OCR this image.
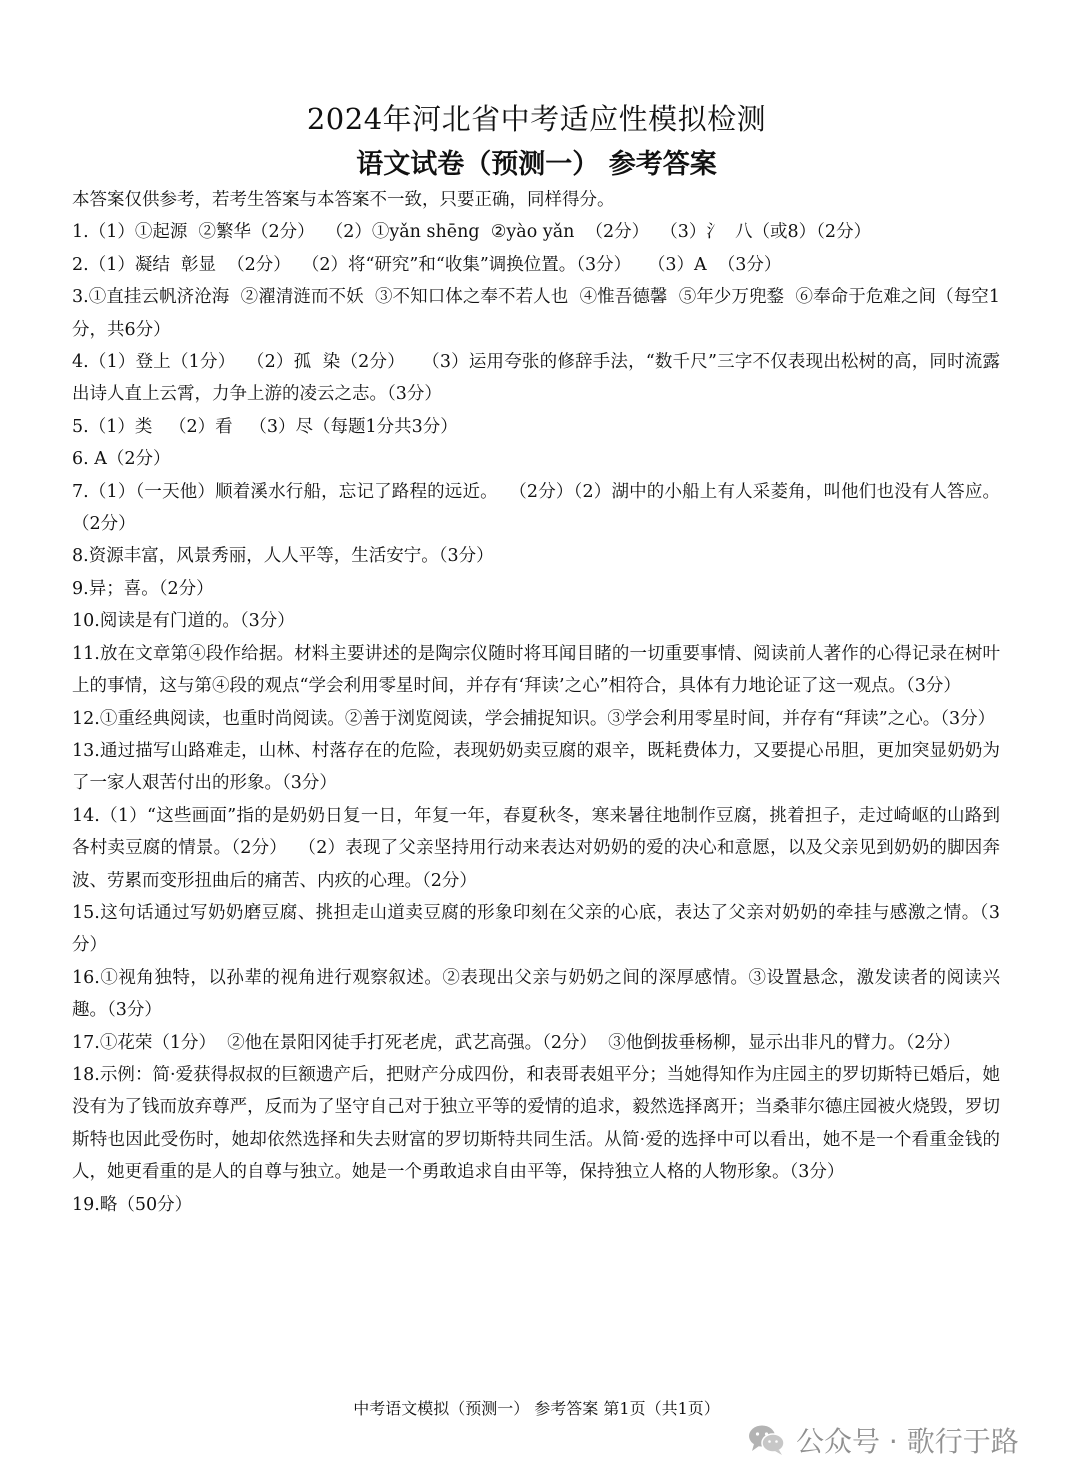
2024年河北省中考适应性模拟检测
语文试卷（预测一） 参考答案

本答案仅供参考，若考生答案与本答案不一致，只要正确，同样得分。

1.（1）①起源  ②繁华（2分）  （2）①yǎn shēng  ②yào yǎn  （2分）  （3）氵  八（或8）（2分）

2.（1）凝结  彰显  （2分）  （2）将“研究”和“收集”调换位置。（3分）   （3）A  （3分）

3.①直挂云帆济沧海  ②濯清涟而不妖  ③不知口体之奉不若人也  ④惟吾德馨  ⑤年少万兜鍪  ⑥奉命于危难之间（每空1分，共6分）

4.（1）登上（1分）  （2）孤  染（2分）   （3）运用夸张的修辞手法，“数千尺”三字不仅表现出松树的高，同时流露出诗人直上云霄，力争上游的凌云之志。（3分）

5.（1）类   （2）看   （3）尽（每题1分共3分）

6. A（2分）

7.（1）（一天他）顺着溪水行船，忘记了路程的远近。  （2分）（2）湖中的小船上有人采菱角，叫他们也没有人答应。（2分）

8.资源丰富，风景秀丽，人人平等，生活安宁。（3分）

9.异；喜。（2分）

10.阅读是有门道的。（3分）

11.放在文章第④段作给据。材料主要讲述的是陶宗仪随时将耳闻目睹的一切重要事情、阅读前人著作的心得记录在树叶上的事情，这与第④段的观点“学会利用零星时间，并存有‘拜读’之心”相符合，具体有力地论证了这一观点。（3分）

12.①重经典阅读，也重时尚阅读。②善于浏览阅读，学会捕捉知识。③学会利用零星时间，并存有“拜读”之心。（3分）

13.通过描写山路难走，山林、村落存在的危险，表现奶奶卖豆腐的艰辛，既耗费体力，又要提心吊胆，更加突显奶奶为了一家人艰苦付出的形象。（3分）

14.（1）“这些画面”指的是奶奶日复一日，年复一年，春夏秋冬，寒来暑往地制作豆腐，挑着担子，走过崎岖的山路到各村卖豆腐的情景。（2分）  （2）表现了父亲坚持用行动来表达对奶奶的爱的决心和意愿，以及父亲见到奶奶的脚因奔波、劳累而变形扭曲后的痛苦、内疚的心理。（2分）

15.这句话通过写奶奶磨豆腐、挑担走山道卖豆腐的形象印刻在父亲的心底，表达了父亲对奶奶的牵挂与感激之情。（3分）

16.①视角独特，以孙辈的视角进行观察叙述。②表现出父亲与奶奶之间的深厚感情。③设置悬念，激发读者的阅读兴趣。（3分）

17.①花荣（1分）  ②他在景阳冈徒手打死老虎，武艺高强。（2分）  ③他倒拔垂杨柳，显示出非凡的臂力。（2分）

18.示例：简·爱获得叔叔的巨额遗产后，把财产分成四份，和表哥表姐平分；当她得知作为庄园主的罗切斯特已婚后，她没有为了钱而放弃尊严，反而为了坚守自己对于独立平等的爱情的追求，毅然选择离开；当桑菲尔德庄园被火烧毁，罗切斯特也因此受伤时，她却依然选择和失去财富的罗切斯特共同生活。从简·爱的选择中可以看出，她不是一个看重金钱的人，她更看重的是人的自尊与独立。她是一个勇敢追求自由平等，保持独立人格的人物形象。（3分）

19.略（50分）

中考语文模拟（预测一） 参考答案 第1页（共1页）
公众号 · 歌行于路
